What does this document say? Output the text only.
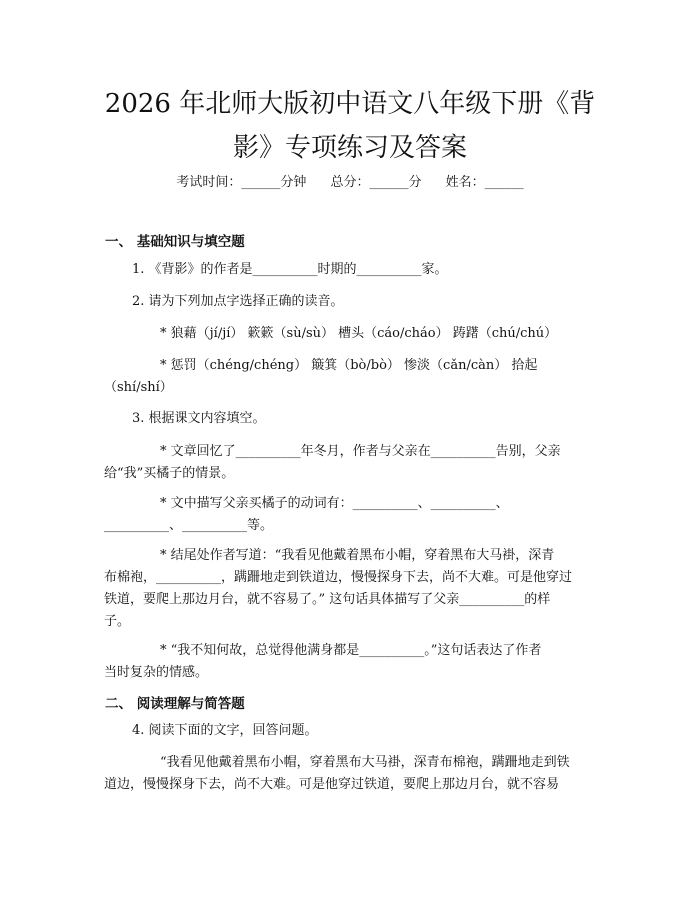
2026 年北师大版初中语文八年级下册《背
影》专项练习及答案
考试时间：______分钟 总分：______分 姓名：______
一、 基础知识与填空题
1. 《背影》的作者是__________时期的__________家。
2. 请为下列加点字选择正确的读音。
* 狼藉（jí/jí） 簌簌（sù/sù） 槽头（cáo/cháo） 踌躇（chú/chú）
* 惩罚（chéng/chéng） 簸箕（bò/bò） 惨淡（cǎn/càn） 拾起
（shí/shí）
3. 根据课文内容填空。
* 文章回忆了__________年冬月，作者与父亲在__________告别，父亲
给“我”买橘子的情景。
* 文中描写父亲买橘子的动词有：__________、__________、
__________、__________等。
* 结尾处作者写道：“我看见他戴着黑布小帽，穿着黑布大马褂，深青
布棉袍，__________，蹒跚地走到铁道边，慢慢探身下去，尚不大难。可是他穿过
铁道，要爬上那边月台，就不容易了。” 这句话具体描写了父亲__________的样
子。
* “我不知何故，总觉得他满身都是__________。”这句话表达了作者
当时复杂的情感。
二、 阅读理解与简答题
4. 阅读下面的文字，回答问题。
“我看见他戴着黑布小帽，穿着黑布大马褂，深青布棉袍，蹒跚地走到铁
道边，慢慢探身下去，尚不大难。可是他穿过铁道，要爬上那边月台，就不容易
